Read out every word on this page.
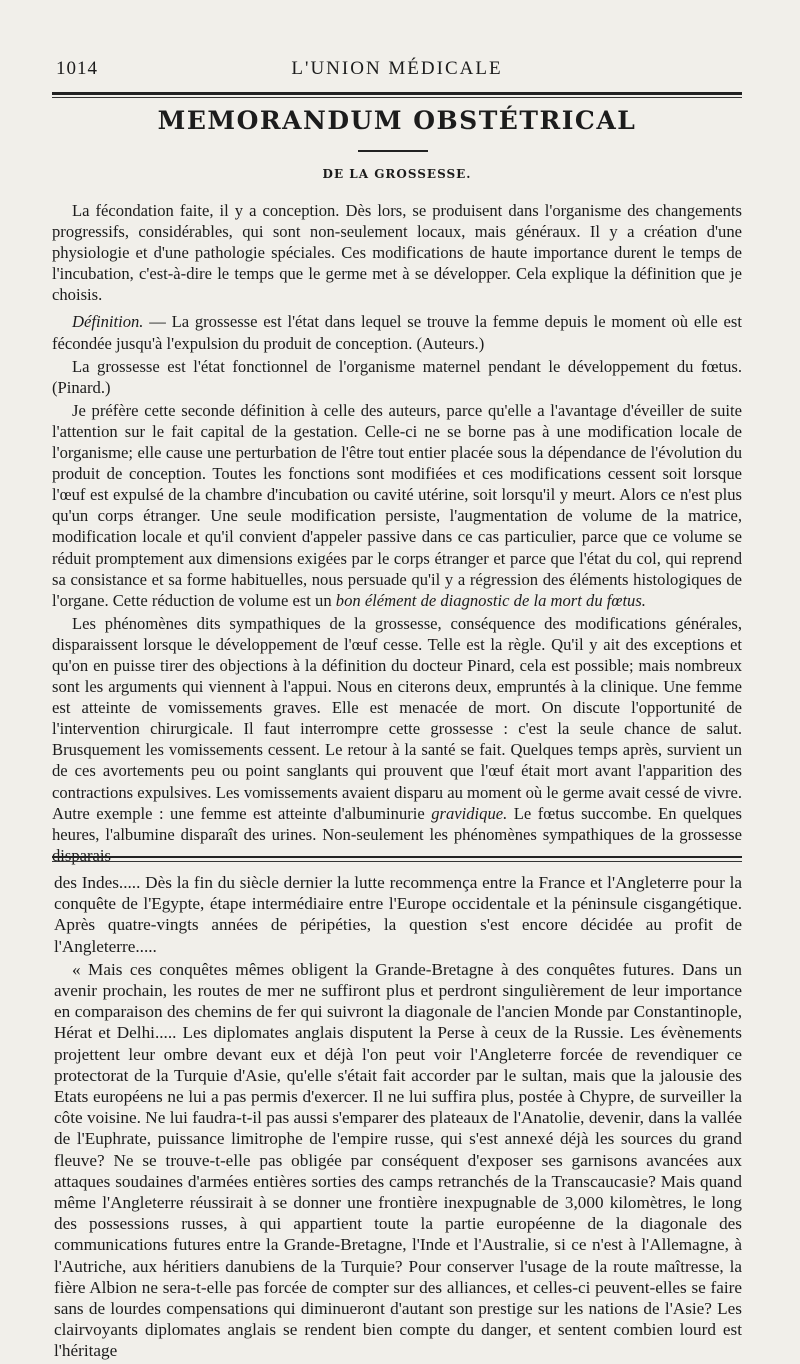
1014	L'UNION MÉDICALE
MEMORANDUM OBSTÉTRICAL
DE LA GROSSESSE.

La fécondation faite, il y a conception. Dès lors, se produisent dans l'organisme des changements progressifs, considérables, qui sont non-seulement locaux, mais généraux. Il y a création d'une physiologie et d'une pathologie spéciales. Ces modifications de haute importance durent le temps de l'incubation, c'est-à-dire le temps que le germe met à se développer. Cela explique la définition que je choisis.

Définition. — La grossesse est l'état dans lequel se trouve la femme depuis le moment où elle est fécondée jusqu'à l'expulsion du produit de conception. (Auteurs.)

La grossesse est l'état fonctionnel de l'organisme maternel pendant le développement du fœtus. (Pinard.)

Je préfère cette seconde définition à celle des auteurs, parce qu'elle a l'avantage d'éveiller de suite l'attention sur le fait capital de la gestation. Celle-ci ne se borne pas à une modification locale de l'organisme; elle cause une perturbation de l'être tout entier placée sous la dépendance de l'évolution du produit de conception. Toutes les fonctions sont modifiées et ces modifications cessent soit lorsque l'œuf est expulsé de la chambre d'incubation ou cavité utérine, soit lorsqu'il y meurt. Alors ce n'est plus qu'un corps étranger. Une seule modification persiste, l'augmentation de volume de la matrice, modification locale et qu'il convient d'appeler passive dans ce cas particulier, parce que ce volume se réduit promptement aux dimensions exigées par le corps étranger et parce que l'état du col, qui reprend sa consistance et sa forme habituelles, nous persuade qu'il y a régression des éléments histologiques de l'organe. Cette réduction de volume est un bon élément de diagnostic de la mort du fœtus.

Les phénomènes dits sympathiques de la grossesse, conséquence des modifications générales, disparaissent lorsque le développement de l'œuf cesse. Telle est la règle. Qu'il y ait des exceptions et qu'on en puisse tirer des objections à la définition du docteur Pinard, cela est possible; mais nombreux sont les arguments qui viennent à l'appui. Nous en citerons deux, empruntés à la clinique. Une femme est atteinte de vomissements graves. Elle est menacée de mort. On discute l'opportunité de l'intervention chirurgicale. Il faut interrompre cette grossesse : c'est la seule chance de salut. Brusquement les vomissements cessent. Le retour à la santé se fait. Quelques temps après, survient un de ces avortements peu ou point sanglants qui prouvent que l'œuf était mort avant l'apparition des contractions expulsives. Les vomissements avaient disparu au moment où le germe avait cessé de vivre. Autre exemple : une femme est atteinte d'albuminurie gravidique. Le fœtus succombe. En quelques heures, l'albumine disparaît des urines. Non-seulement les phénomènes sympathiques de la grossesse disparais-

des Indes..... Dès la fin du siècle dernier la lutte recommença entre la France et l'Angleterre pour la conquête de l'Egypte, étape intermédiaire entre l'Europe occidentale et la péninsule cisgangétique. Après quatre-vingts années de péripéties, la question s'est encore décidée au profit de l'Angleterre.....

« Mais ces conquêtes mêmes obligent la Grande-Bretagne à des conquêtes futures. Dans un avenir prochain, les routes de mer ne suffiront plus et perdront singulièrement de leur importance en comparaison des chemins de fer qui suivront la diagonale de l'ancien Monde par Constantinople, Hérat et Delhi..... Les diplomates anglais disputent la Perse à ceux de la Russie. Les évènements projettent leur ombre devant eux et déjà l'on peut voir l'Angleterre forcée de revendiquer ce protectorat de la Turquie d'Asie, qu'elle s'était fait accorder par le sultan, mais que la jalousie des Etats européens ne lui a pas permis d'exercer. Il ne lui suffira plus, postée à Chypre, de surveiller la côte voisine. Ne lui faudra-t-il pas aussi s'emparer des plateaux de l'Anatolie, devenir, dans la vallée de l'Euphrate, puissance limitrophe de l'empire russe, qui s'est annexé déjà les sources du grand fleuve? Ne se trouve-t-elle pas obligée par conséquent d'exposer ses garnisons avancées aux attaques soudaines d'armées entières sorties des camps retranchés de la Transcaucasie? Mais quand même l'Angleterre réussirait à se donner une frontière inexpugnable de 3,000 kilomètres, le long des possessions russes, à qui appartient toute la partie européenne de la diagonale des communications futures entre la Grande-Bretagne, l'Inde et l'Australie, si ce n'est à l'Allemagne, à l'Autriche, aux héritiers danubiens de la Turquie? Pour conserver l'usage de la route maîtresse, la fière Albion ne sera-t-elle pas forcée de compter sur des alliances, et celles-ci peuvent-elles se faire sans de lourdes compensations qui diminueront d'autant son prestige sur les nations de l'Asie? Les clairvoyants diplomates anglais se rendent bien compte du danger, et sentent combien lourd est l'héritage
